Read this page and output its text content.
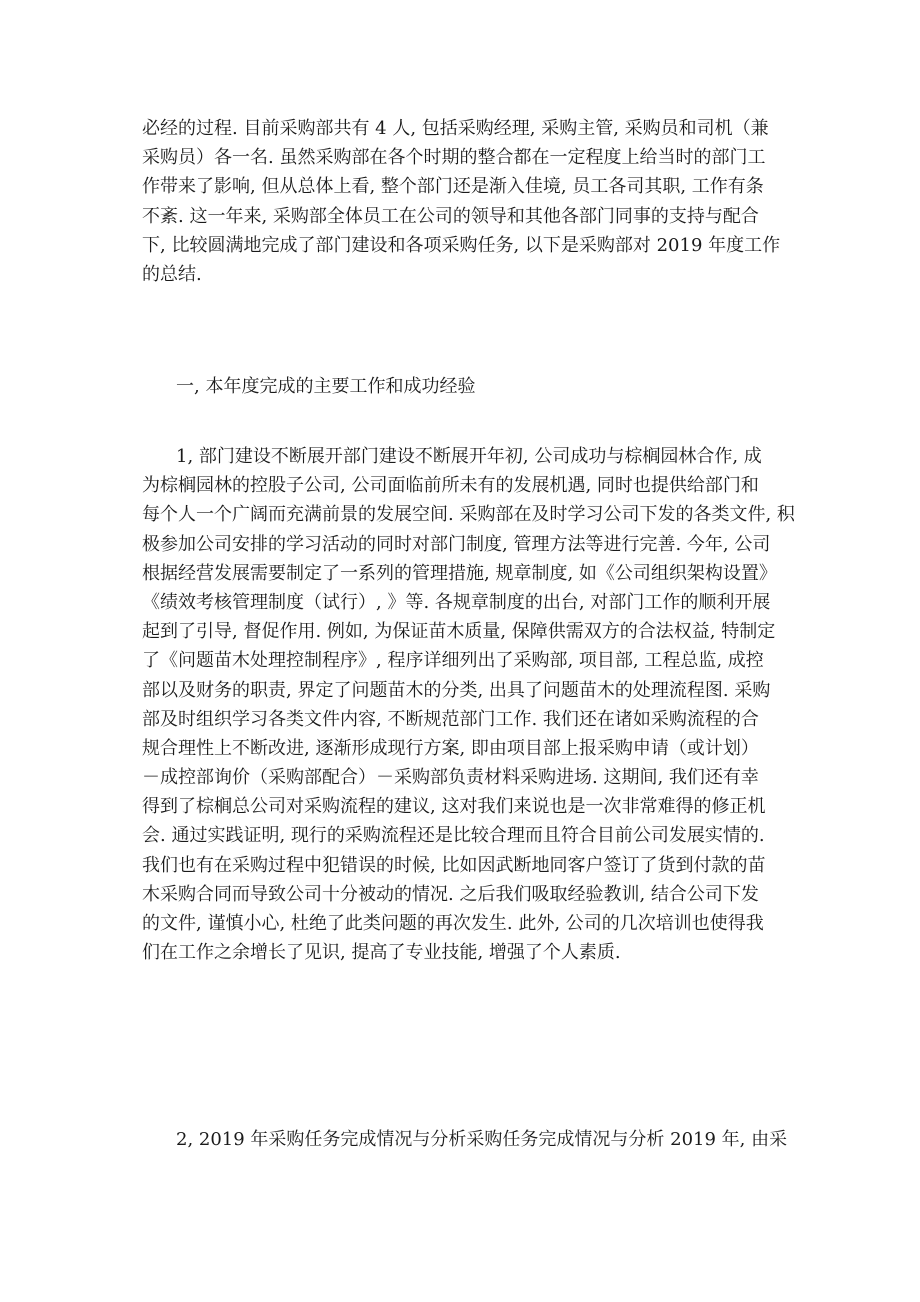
必经的过程. 目前采购部共有 4 人, 包括采购经理, 采购主管, 采购员和司机（兼
采购员）各一名. 虽然采购部在各个时期的整合都在一定程度上给当时的部门工
作带来了影响, 但从总体上看, 整个部门还是渐入佳境, 员工各司其职, 工作有条
不紊. 这一年来, 采购部全体员工在公司的领导和其他各部门同事的支持与配合
下, 比较圆满地完成了部门建设和各项采购任务, 以下是采购部对 2019 年度工作
的总结.
一, 本年度完成的主要工作和成功经验
1, 部门建设不断展开部门建设不断展开年初, 公司成功与棕榈园林合作, 成
为棕榈园林的控股子公司, 公司面临前所未有的发展机遇, 同时也提供给部门和
每个人一个广阔而充满前景的发展空间. 采购部在及时学习公司下发的各类文件, 积
极参加公司安排的学习活动的同时对部门制度, 管理方法等进行完善. 今年, 公司
根据经营发展需要制定了一系列的管理措施, 规章制度, 如《公司组织架构设置》
《绩效考核管理制度（试行）, 》等. 各规章制度的出台, 对部门工作的顺利开展
起到了引导, 督促作用. 例如, 为保证苗木质量, 保障供需双方的合法权益, 特制定
了《问题苗木处理控制程序》, 程序详细列出了采购部, 项目部, 工程总监, 成控
部以及财务的职责, 界定了问题苗木的分类, 出具了问题苗木的处理流程图. 采购
部及时组织学习各类文件内容, 不断规范部门工作. 我们还在诸如采购流程的合
规合理性上不断改进, 逐渐形成现行方案, 即由项目部上报采购申请（或计划）
－成控部询价（采购部配合）－采购部负责材料采购进场. 这期间, 我们还有幸
得到了棕榈总公司对采购流程的建议, 这对我们来说也是一次非常难得的修正机
会. 通过实践证明, 现行的采购流程还是比较合理而且符合目前公司发展实情的.
我们也有在采购过程中犯错误的时候, 比如因武断地同客户签订了货到付款的苗
木采购合同而导致公司十分被动的情况. 之后我们吸取经验教训, 结合公司下发
的文件, 谨慎小心, 杜绝了此类问题的再次发生. 此外, 公司的几次培训也使得我
们在工作之余增长了见识, 提高了专业技能, 增强了个人素质.
2, 2019 年采购任务完成情况与分析采购任务完成情况与分析 2019 年, 由采
